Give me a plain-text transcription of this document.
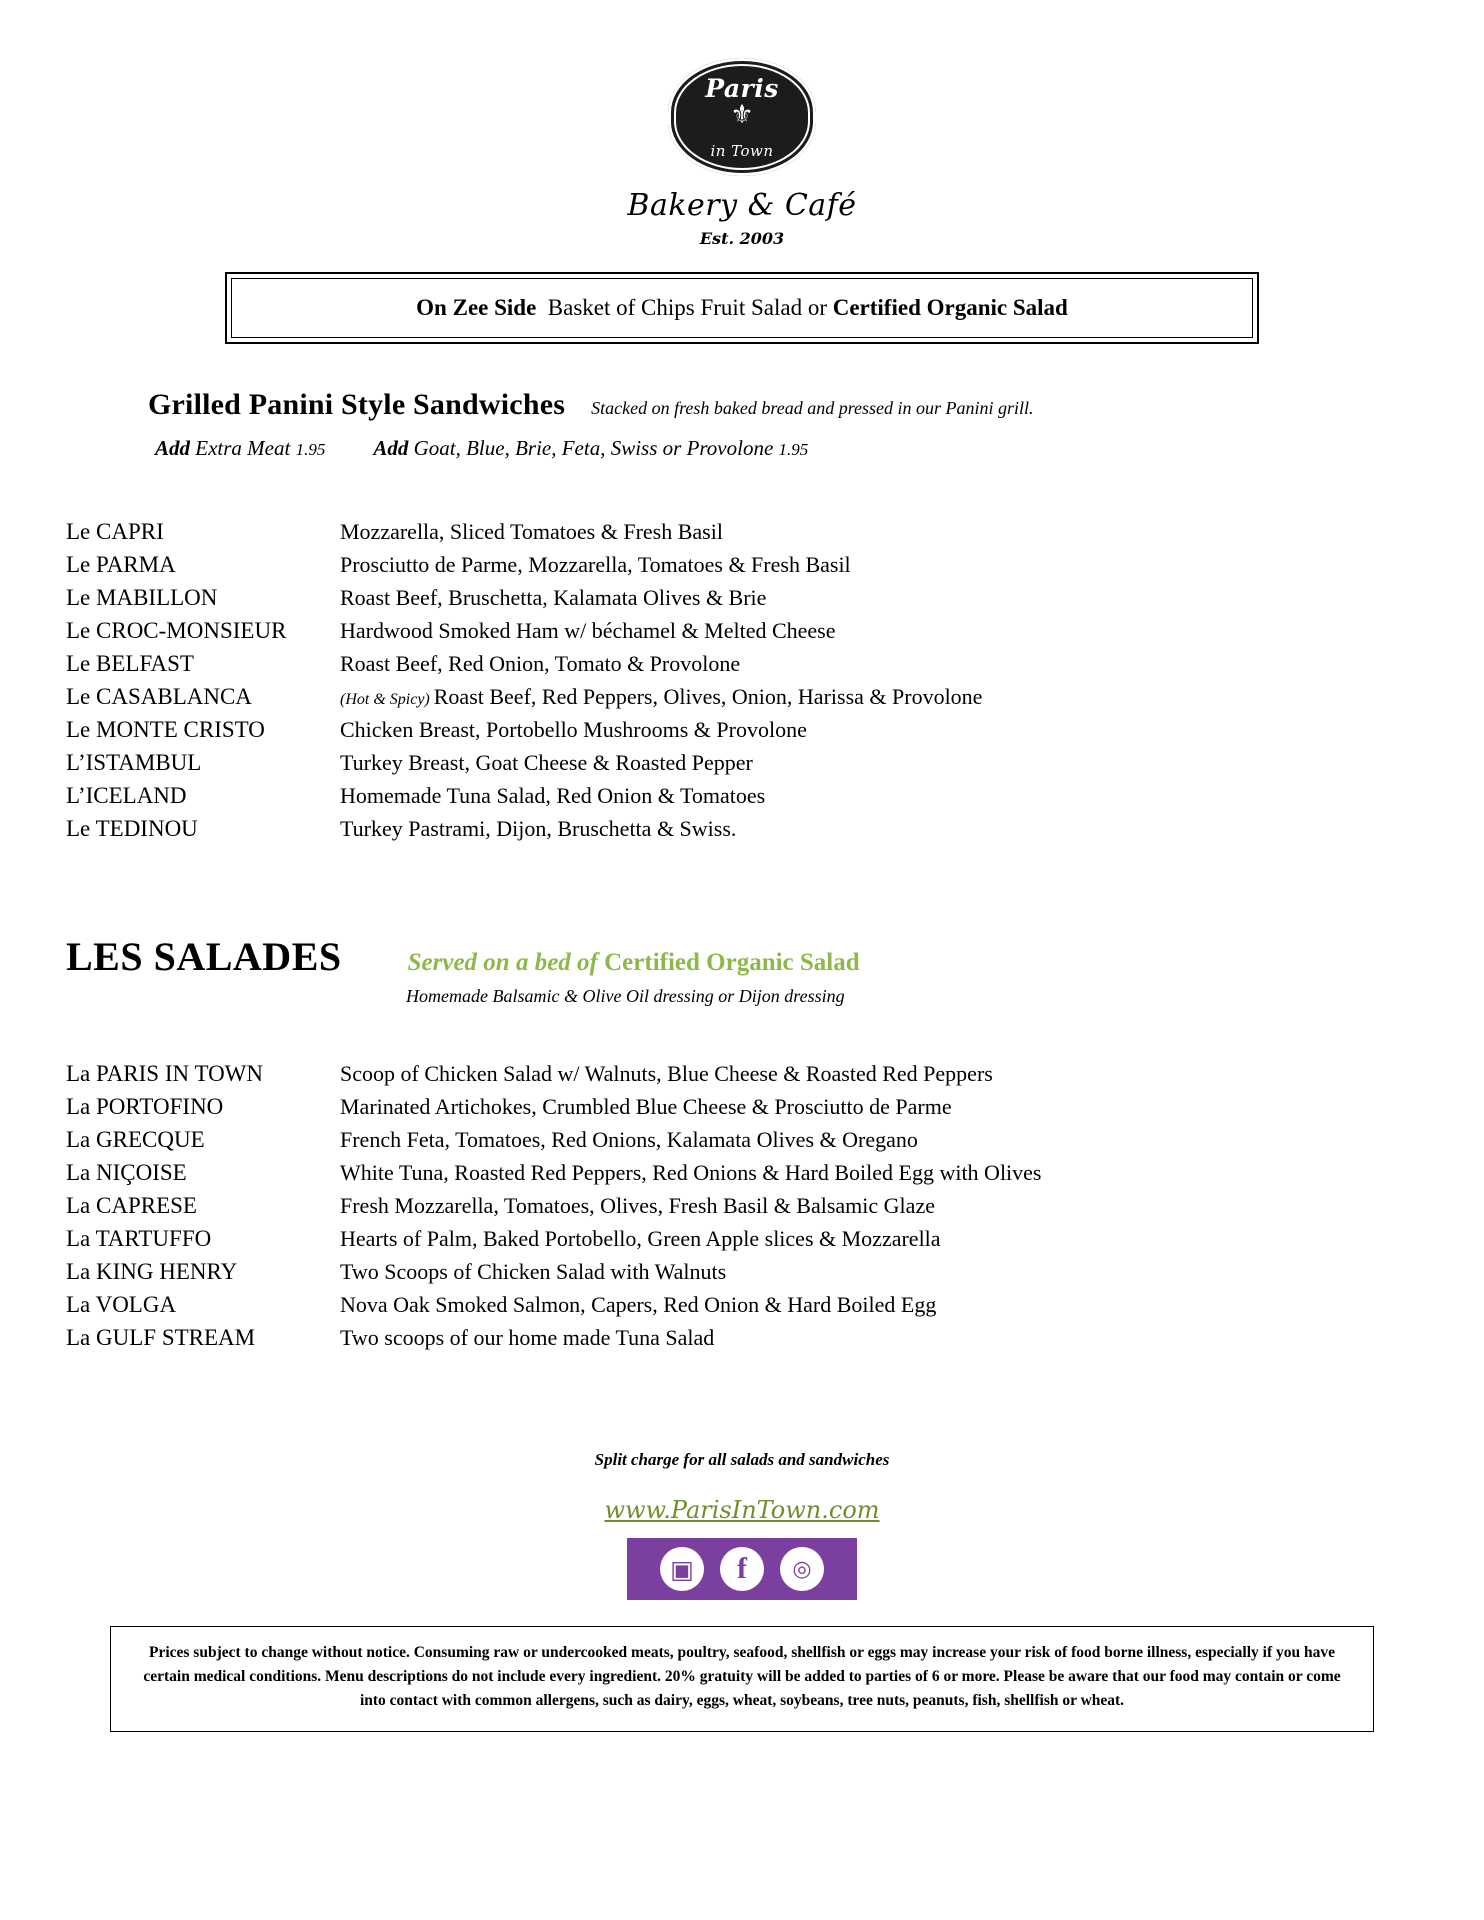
Paris
⚜
in Town
Bakery & Café
Est. 2003
On Zee Side Basket of Chips Fruit Salad or Certified Organic Salad
Grilled Panini Style Sandwiches Stacked on fresh baked bread and pressed in our Panini grill.
Add Extra Meat 1.95 Add Goat, Blue, Brie, Feta, Swiss or Provolone 1.95
Le CAPRI	Mozzarella, Sliced Tomatoes & Fresh Basil
Le PARMA	Prosciutto de Parme, Mozzarella, Tomatoes & Fresh Basil
Le MABILLON	Roast Beef, Bruschetta, Kalamata Olives & Brie
Le CROC-MONSIEUR	Hardwood Smoked Ham w/ béchamel & Melted Cheese
Le BELFAST	Roast Beef, Red Onion, Tomato & Provolone
Le CASABLANCA	(Hot & Spicy) Roast Beef, Red Peppers, Olives, Onion, Harissa & Provolone
Le MONTE CRISTO	Chicken Breast, Portobello Mushrooms & Provolone
L’ISTAMBUL	Turkey Breast, Goat Cheese & Roasted Pepper
L’ICELAND	Homemade Tuna Salad, Red Onion & Tomatoes
Le TEDINOU	Turkey Pastrami, Dijon, Bruschetta & Swiss.
LES SALADES	Served on a bed of Certified Organic Salad
Homemade Balsamic & Olive Oil dressing or Dijon dressing
La PARIS IN TOWN	Scoop of Chicken Salad w/ Walnuts, Blue Cheese & Roasted Red Peppers
La PORTOFINO	Marinated Artichokes, Crumbled Blue Cheese & Prosciutto de Parme
La GRECQUE	French Feta, Tomatoes, Red Onions, Kalamata Olives & Oregano
La NIÇOISE	White Tuna, Roasted Red Peppers, Red Onions & Hard Boiled Egg with Olives
La CAPRESE	Fresh Mozzarella, Tomatoes, Olives, Fresh Basil & Balsamic Glaze
La TARTUFFO	Hearts of Palm, Baked Portobello, Green Apple slices & Mozzarella
La KING HENRY	Two Scoops of Chicken Salad with Walnuts
La VOLGA	Nova Oak Smoked Salmon, Capers, Red Onion & Hard Boiled Egg
La GULF STREAM	Two scoops of our home made Tuna Salad
Split charge for all salads and sandwiches
www.ParisInTown.com
▣	f	◎
Prices subject to change without notice. Consuming raw or undercooked meats, poultry, seafood, shellfish or eggs may increase your risk of food borne illness, especially if you have certain medical conditions. Menu descriptions do not include every ingredient. 20% gratuity will be added to parties of 6 or more. Please be aware that our food may contain or come into contact with common allergens, such as dairy, eggs, wheat, soybeans, tree nuts, peanuts, fish, shellfish or wheat.
